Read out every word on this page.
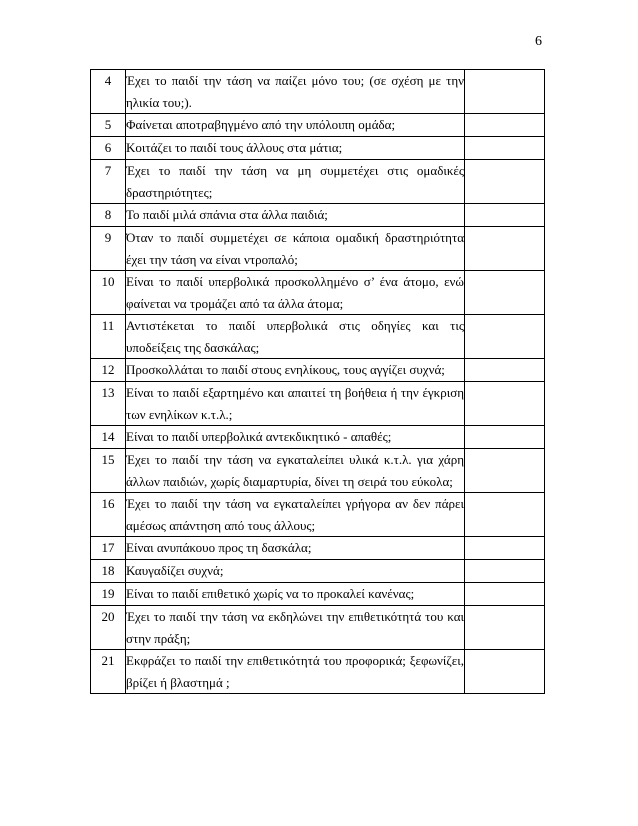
6
4	Έχει το παιδί την τάση να παίζει μόνο του; (σε σχέση με την ηλικία του;).	
5	Φαίνεται αποτραβηγμένο από την υπόλοιπη ομάδα;	
6	Κοιτάζει το παιδί τους άλλους στα μάτια;	
7	Έχει το παιδί την τάση να μη συμμετέχει στις ομαδικές δραστηριότητες;	
8	Το παιδί μιλά σπάνια στα άλλα παιδιά;	
9	Όταν το παιδί συμμετέχει σε κάποια ομαδική δραστηριότητα έχει την τάση να είναι ντροπαλό;	
10	Είναι το παιδί υπερβολικά προσκολλημένο σ’ ένα άτομο, ενώ φαίνεται να τρομάζει από τα άλλα άτομα;	
11	Αντιστέκεται το παιδί υπερβολικά στις οδηγίες και τις υποδείξεις της δασκάλας;	
12	Προσκολλάται το παιδί στους ενηλίκους, τους αγγίζει συχνά;	
13	Είναι το παιδί εξαρτημένο και απαιτεί τη βοήθεια ή την έγκριση των ενηλίκων κ.τ.λ.;	
14	Είναι το παιδί υπερβολικά αντεκδικητικό - απαθές;	
15	Έχει το παιδί την τάση να εγκαταλείπει υλικά κ.τ.λ. για χάρη άλλων παιδιών, χωρίς διαμαρτυρία, δίνει τη σειρά του εύκολα;	
16	Έχει το παιδί την τάση να εγκαταλείπει γρήγορα αν δεν πάρει αμέσως απάντηση από τους άλλους;	
17	Είναι ανυπάκουο προς τη δασκάλα;	
18	Καυγαδίζει συχνά;	
19	Είναι το παιδί επιθετικό χωρίς να το προκαλεί κανένας;	
20	Έχει το παιδί την τάση να εκδηλώνει την επιθετικότητά του και στην πράξη;	
21	Εκφράζει το παιδί την επιθετικότητά του προφορικά; ξεφωνίζει, βρίζει ή βλαστημά ;	
